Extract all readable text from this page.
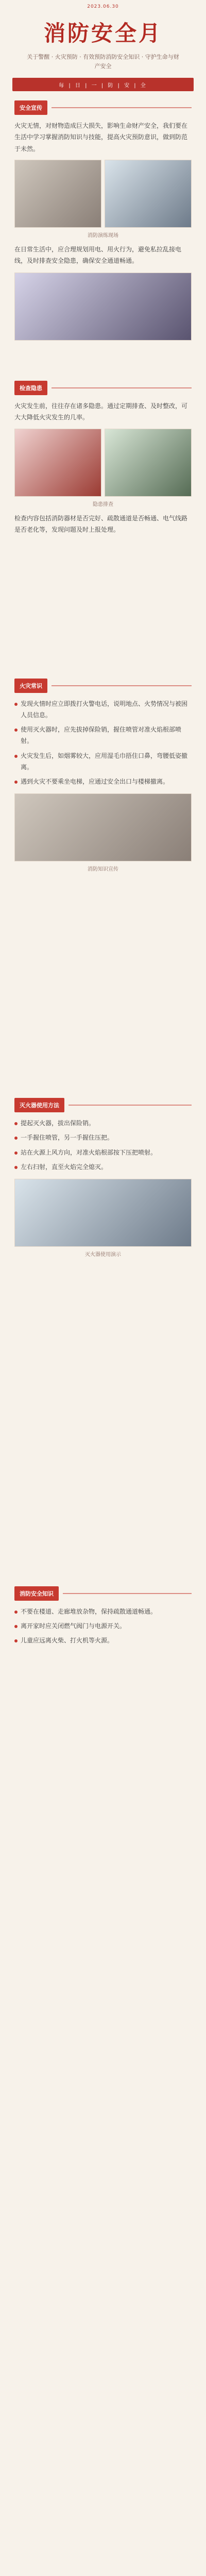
2023.06.30
消防安全月
关于警醒 · 火灾预防 · 有效预防消防安全知识 · 守护生命与财产安全
每 | 日 | 一 | 防 | 安 | 全
安全宣传

火灾无情，对财物造成巨大损失，影响生命财产安全，我们要在生活中学习掌握消防知识与技能，提高火灾预防意识，做到防范于未然。

消防演练现场

在日常生活中，应合理规划用电、用火行为，避免私拉乱接电线，及时排查安全隐患，确保安全通道畅通。

检查隐患

火灾发生前，往往存在诸多隐患。通过定期排查、及时整改，可大大降低火灾发生的几率。

隐患排查

检查内容包括消防器材是否完好、疏散通道是否畅通、电气线路是否老化等，发现问题及时上报处理。

火灾常识
发现火情时应立即拨打火警电话，说明地点、火势情况与被困人员信息。
使用灭火器时，应先拔掉保险销，握住喷管对准火焰根部喷射。
火灾发生后，如烟雾较大，应用湿毛巾捂住口鼻，弯腰低姿撤离。
遇到火灾不要乘坐电梯，应通过安全出口与楼梯撤离。
消防知识宣传
灭火器使用方法
提起灭火器，拔出保险销。
一手握住喷管，另一手握住压把。
站在火源上风方向，对准火焰根部按下压把喷射。
左右扫射，直至火焰完全熄灭。
灭火器使用演示
消防安全知识
不要在楼道、走廊堆放杂物，保持疏散通道畅通。
离开家时应关闭燃气阀门与电源开关。
儿童应远离火柴、打火机等火源。
